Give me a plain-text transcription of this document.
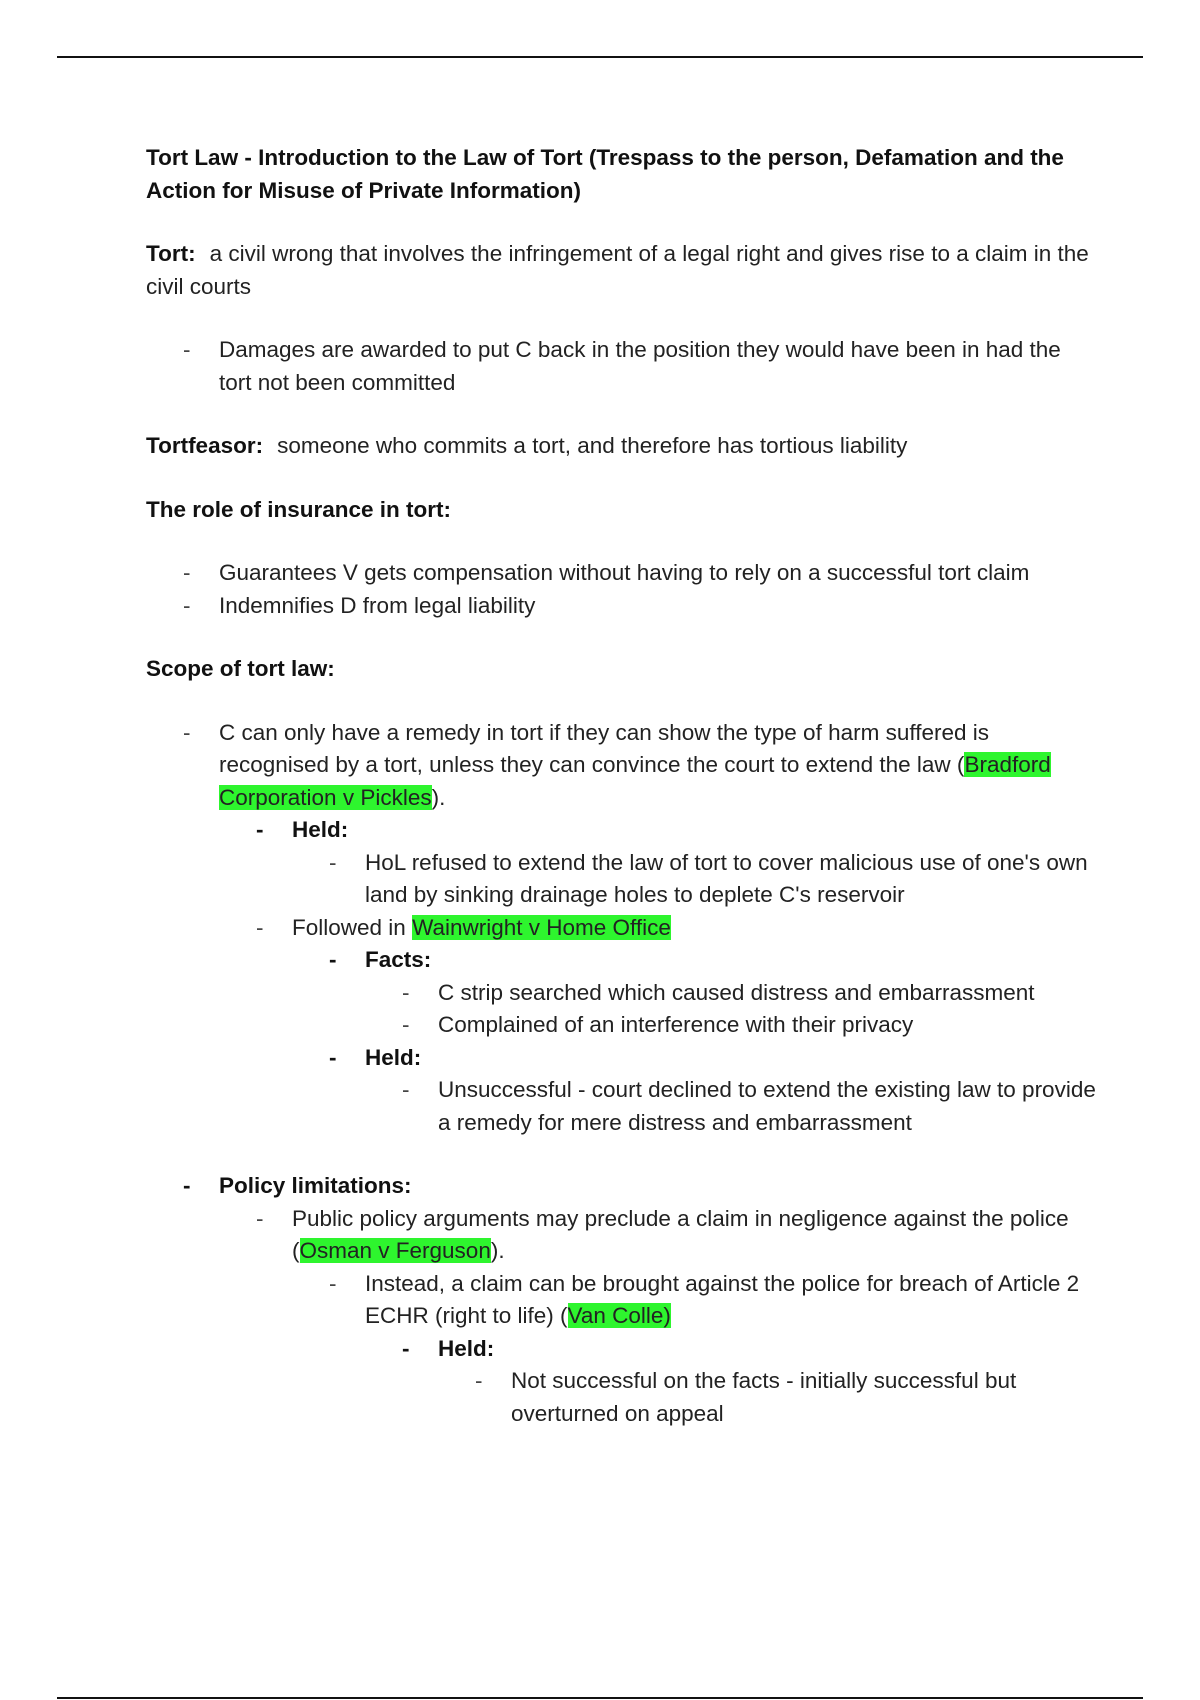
Tort Law - Introduction to the Law of Tort (Trespass to the person, Defamation and the Action for Misuse of Private Information)

Tort: a civil wrong that involves the infringement of a legal right and gives rise to a claim in the civil courts

- Damages are awarded to put C back in the position they would have been in had the tort not been committed

Tortfeasor: someone who commits a tort, and therefore has tortious liability

The role of insurance in tort:

- Guarantees V gets compensation without having to rely on a successful tort claim
- Indemnifies D from legal liability

Scope of tort law:

- C can only have a remedy in tort if they can show the type of harm suffered is recognised by a tort, unless they can convince the court to extend the law (Bradford Corporation v Pickles).
- Held:
- HoL refused to extend the law of tort to cover malicious use of one's own land by sinking drainage holes to deplete C's reservoir
- Followed in Wainwright v Home Office
- Facts:
- C strip searched which caused distress and embarrassment
- Complained of an interference with their privacy
- Held:
- Unsuccessful - court declined to extend the existing law to provide a remedy for mere distress and embarrassment
- Policy limitations:
- Public policy arguments may preclude a claim in negligence against the police (Osman v Ferguson).
- Instead, a claim can be brought against the police for breach of Article 2 ECHR (right to life) (Van Colle)
- Held:
- Not successful on the facts - initially successful but overturned on appeal
